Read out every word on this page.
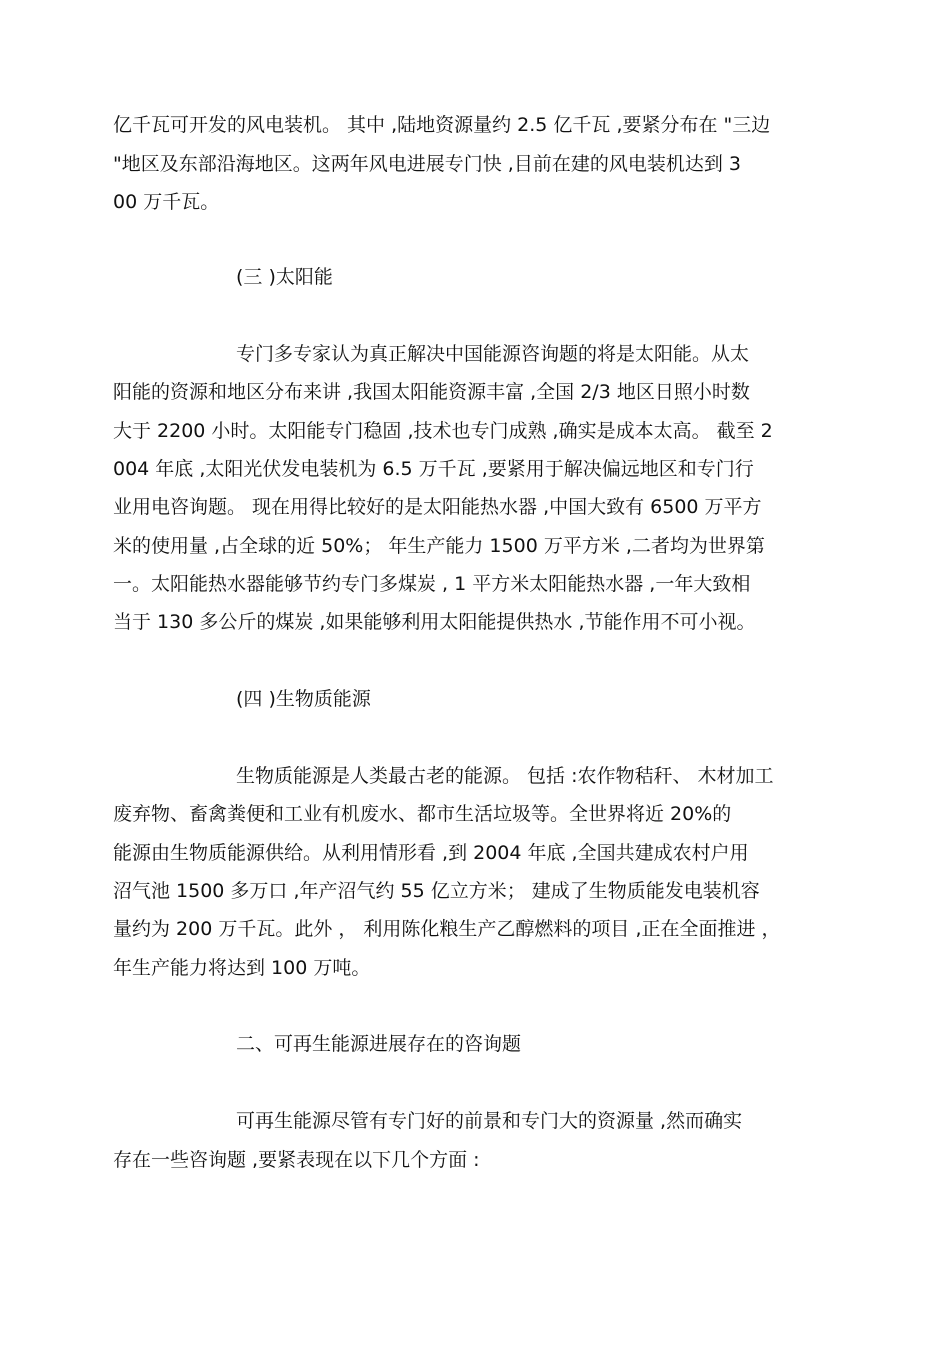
亿千瓦可开发的风电装机。 其中 ,陆地资源量约 2.5 亿千瓦 ,要紧分布在 "三边
"地区及东部沿海地区。这两年风电进展专门快 ,目前在建的风电装机达到 3
00 万千瓦。
(三 )太阳能
专门多专家认为真正解决中国能源咨询题的将是太阳能。从太
阳能的资源和地区分布来讲 ,我国太阳能资源丰富 ,全国 2/3 地区日照小时数
大于 2200 小时。太阳能专门稳固 ,技术也专门成熟 ,确实是成本太高。 截至 2
004 年底 ,太阳光伏发电装机为 6.5 万千瓦 ,要紧用于解决偏远地区和专门行
业用电咨询题。 现在用得比较好的是太阳能热水器 ,中国大致有 6500 万平方
米的使用量 ,占全球的近 50%； 年生产能力 1500 万平方米 ,二者均为世界第
一。太阳能热水器能够节约专门多煤炭 , 1 平方米太阳能热水器 ,一年大致相
当于 130 多公斤的煤炭 ,如果能够利用太阳能提供热水 ,节能作用不可小视。
(四 )生物质能源
生物质能源是人类最古老的能源。 包括 :农作物秸秆、 木材加工
废弃物、畜禽粪便和工业有机废水、都市生活垃圾等。全世界将近 20%的
能源由生物质能源供给。从利用情形看 ,到 2004 年底 ,全国共建成农村户用
沼气池 1500 多万口 ,年产沼气约 55 亿立方米； 建成了生物质能发电装机容
量约为 200 万千瓦。此外 ， 利用陈化粮生产乙醇燃料的项目 ,正在全面推进 ，
年生产能力将达到 100 万吨。
二、可再生能源进展存在的咨询题
可再生能源尽管有专门好的前景和专门大的资源量 ,然而确实
存在一些咨询题 ,要紧表现在以下几个方面 :
